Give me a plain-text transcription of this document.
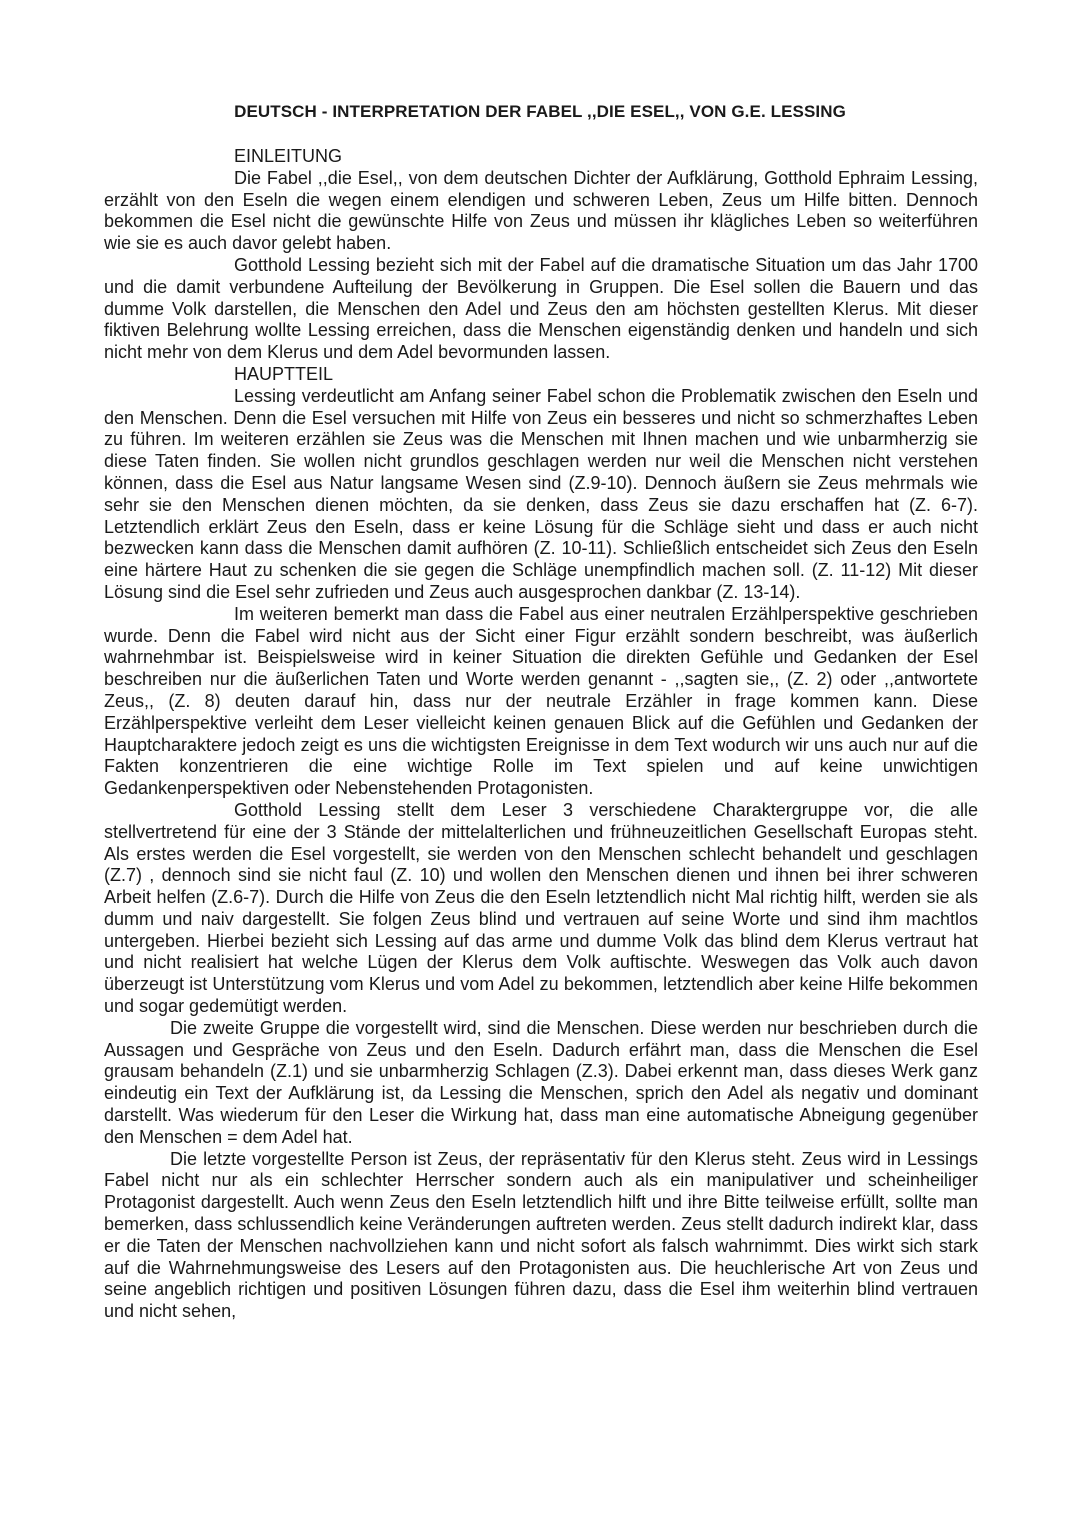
DEUTSCH - INTERPRETATION DER FABEL ,,DIE ESEL,, VON G.E. LESSING

EINLEITUNG

Die Fabel ,,die Esel,, von dem deutschen Dichter der Aufklärung, Gotthold Ephraim Lessing, erzählt von den Eseln die wegen einem elendigen und schweren Leben, Zeus um Hilfe bitten. Dennoch bekommen die Esel nicht die gewünschte Hilfe von Zeus und müssen ihr klägliches Leben so weiterführen wie sie es auch davor gelebt haben.

Gotthold Lessing bezieht sich mit der Fabel auf die dramatische Situation um das Jahr 1700 und die damit verbundene Aufteilung der Bevölkerung in Gruppen. Die Esel sollen die Bauern und das dumme Volk darstellen, die Menschen den Adel und Zeus den am höchsten gestellten Klerus. Mit dieser fiktiven Belehrung wollte Lessing erreichen, dass die Menschen eigenständig denken und handeln und sich nicht mehr von dem Klerus und dem Adel bevormunden lassen.

HAUPTTEIL

Lessing verdeutlicht am Anfang seiner Fabel schon die Problematik zwischen den Eseln und den Menschen. Denn die Esel versuchen mit Hilfe von Zeus ein besseres und nicht so schmerzhaftes Leben zu führen. Im weiteren erzählen sie Zeus was die Menschen mit Ihnen machen und wie unbarmherzig sie diese Taten finden. Sie wollen nicht grundlos geschlagen werden nur weil die Menschen nicht verstehen können, dass die Esel aus Natur langsame Wesen sind (Z.9-10). Dennoch äußern sie Zeus mehrmals wie sehr sie den Menschen dienen möchten, da sie denken, dass Zeus sie dazu erschaffen hat (Z. 6-7). Letztendlich erklärt Zeus den Eseln, dass er keine Lösung für die Schläge sieht und dass er auch nicht bezwecken kann dass die Menschen damit aufhören (Z. 10-11). Schließlich entscheidet sich Zeus den Eseln eine härtere Haut zu schenken die sie gegen die Schläge unempfindlich machen soll. (Z. 11-12) Mit dieser Lösung sind die Esel sehr zufrieden und Zeus auch ausgesprochen dankbar (Z. 13-14).

Im weiteren bemerkt man dass die Fabel aus einer neutralen Erzählperspektive geschrieben wurde. Denn die Fabel wird nicht aus der Sicht einer Figur erzählt sondern beschreibt, was äußerlich wahrnehmbar ist. Beispielsweise wird in keiner Situation die direkten Gefühle und Gedanken der Esel beschreiben nur die äußerlichen Taten und Worte werden genannt - ,,sagten sie,, (Z. 2) oder ,,antwortete Zeus,, (Z. 8) deuten darauf hin, dass nur der neutrale Erzähler in frage kommen kann. Diese Erzählperspektive verleiht dem Leser vielleicht keinen genauen Blick auf die Gefühlen und Gedanken der Hauptcharaktere jedoch zeigt es uns die wichtigsten Ereignisse in dem Text wodurch wir uns auch nur auf die Fakten konzentrieren die eine wichtige Rolle im Text spielen und auf keine unwichtigen Gedankenperspektiven oder Nebenstehenden Protagonisten.

Gotthold Lessing stellt dem Leser 3 verschiedene Charaktergruppe vor, die alle stellvertretend für eine der 3 Stände der mittelalterlichen und frühneuzeitlichen Gesellschaft Europas steht. Als erstes werden die Esel vorgestellt, sie werden von den Menschen schlecht behandelt und geschlagen (Z.7) , dennoch sind sie nicht faul (Z. 10) und wollen den Menschen dienen und ihnen bei ihrer schweren Arbeit helfen (Z.6-7). Durch die Hilfe von Zeus die den Eseln letztendlich nicht Mal richtig hilft, werden sie als dumm und naiv dargestellt. Sie folgen Zeus blind und vertrauen auf seine Worte und sind ihm machtlos untergeben. Hierbei bezieht sich Lessing auf das arme und dumme Volk das blind dem Klerus vertraut hat und nicht realisiert hat welche Lügen der Klerus dem Volk auftischte. Weswegen das Volk auch davon überzeugt ist Unterstützung vom Klerus und vom Adel zu bekommen, letztendlich aber keine Hilfe bekommen und sogar gedemütigt werden.

Die zweite Gruppe die vorgestellt wird, sind die Menschen. Diese werden nur beschrieben durch die Aussagen und Gespräche von Zeus und den Eseln. Dadurch erfährt man, dass die Menschen die Esel grausam behandeln (Z.1) und sie unbarmherzig Schlagen (Z.3). Dabei erkennt man, dass dieses Werk ganz eindeutig ein Text der Aufklärung ist, da Lessing die Menschen, sprich den Adel als negativ und dominant darstellt. Was wiederum für den Leser die Wirkung hat, dass man eine automatische Abneigung gegenüber den Menschen = dem Adel hat.

Die letzte vorgestellte Person ist Zeus, der repräsentativ für den Klerus steht. Zeus wird in Lessings Fabel nicht nur als ein schlechter Herrscher sondern auch als ein manipulativer und scheinheiliger Protagonist dargestellt. Auch wenn Zeus den Eseln letztendlich hilft und ihre Bitte teilweise erfüllt, sollte man bemerken, dass schlussendlich keine Veränderungen auftreten werden. Zeus stellt dadurch indirekt klar, dass er die Taten der Menschen nachvollziehen kann und nicht sofort als falsch wahrnimmt. Dies wirkt sich stark auf die Wahrnehmungsweise des Lesers auf den Protagonisten aus. Die heuchlerische Art von Zeus und seine angeblich richtigen und positiven Lösungen führen dazu, dass die Esel ihm weiterhin blind vertrauen und nicht sehen,
